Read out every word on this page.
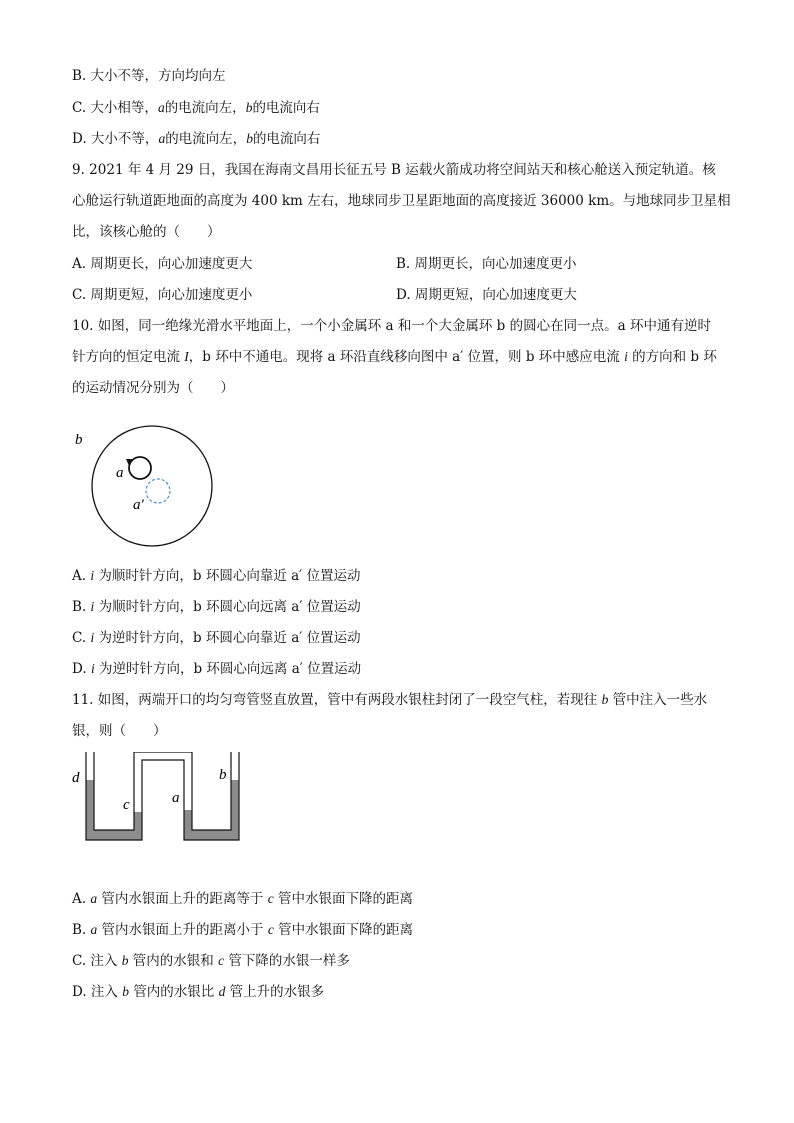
B. 大小不等，方向均向左
C. 大小相等，a的电流向左，b的电流向右
D. 大小不等，a的电流向左，b的电流向右
9. 2021 年 4 月 29 日，我国在海南文昌用长征五号 B 运载火箭成功将空间站天和核心舱送入预定轨道。核
心舱运行轨道距地面的高度为 400 km 左右，地球同步卫星距地面的高度接近 36000 km。与地球同步卫星相
比，该核心舱的（　　）
A. 周期更长，向心加速度更大	B. 周期更长，向心加速度更小
C. 周期更短，向心加速度更小	D. 周期更短，向心加速度更大
10. 如图，同一绝缘光滑水平地面上，一个小金属环 a 和一个大金属环 b 的圆心在同一点。a 环中通有逆时
针方向的恒定电流 I，b 环中不通电。现将 a 环沿直线移向图中 a′ 位置，则 b 环中感应电流 i 的方向和 b 环
的运动情况分别为（　　）
b
a
a′
A. i 为顺时针方向，b 环圆心向靠近 a′ 位置运动
B. i 为顺时针方向，b 环圆心向远离 a′ 位置运动
C. i 为逆时针方向，b 环圆心向靠近 a′ 位置运动
D. i 为逆时针方向，b 环圆心向远离 a′ 位置运动
11. 如图，两端开口的均匀弯管竖直放置，管中有两段水银柱封闭了一段空气柱，若现往 b 管中注入一些水
银，则（　　）
d
c	a
b
A. a 管内水银面上升的距离等于 c 管中水银面下降的距离
B. a 管内水银面上升的距离小于 c 管中水银面下降的距离
C. 注入 b 管内的水银和 c 管下降的水银一样多
D. 注入 b 管内的水银比 d 管上升的水银多
